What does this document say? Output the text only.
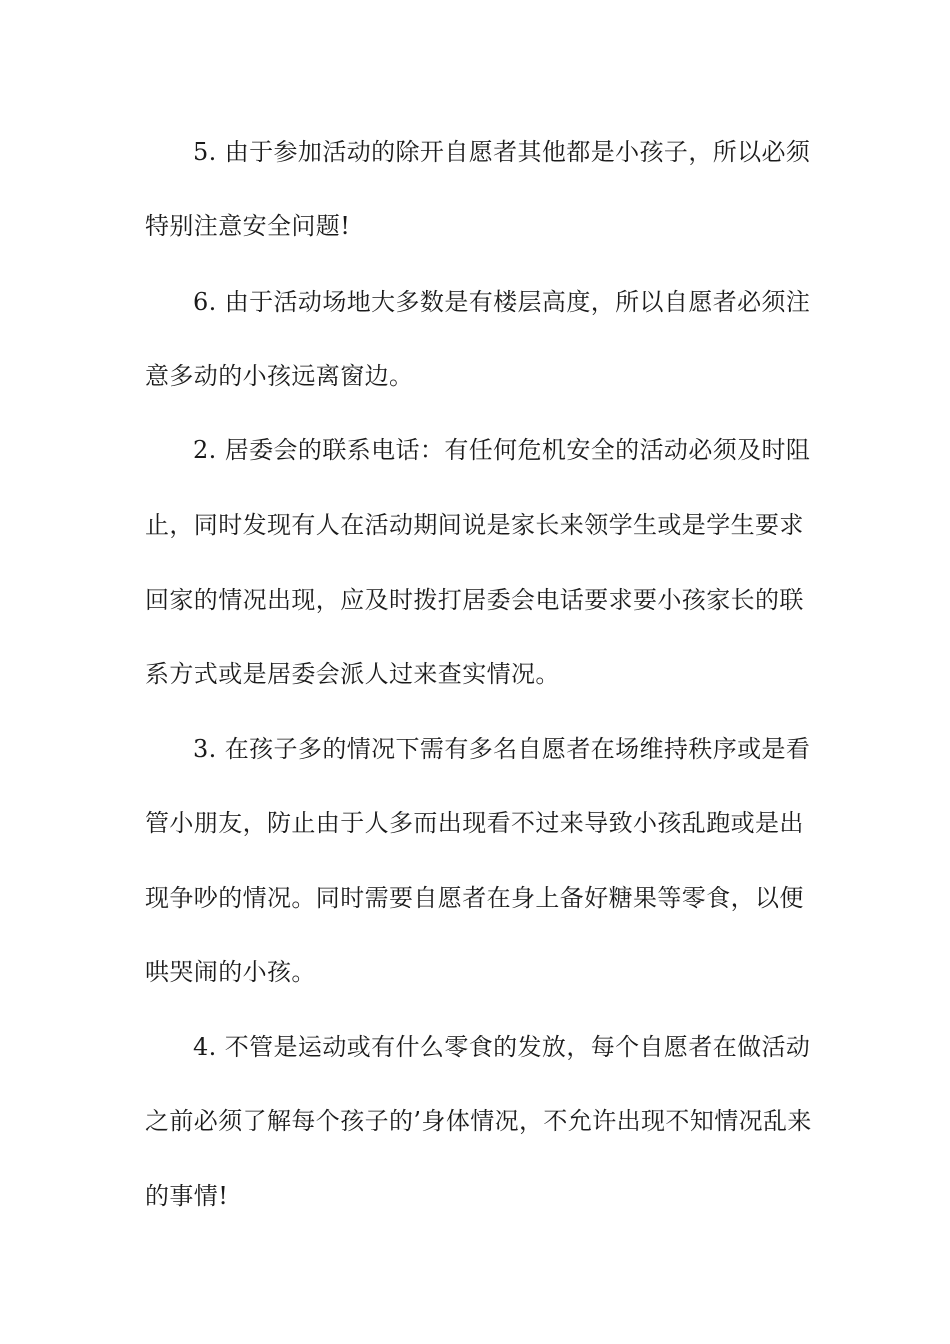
5. 由于参加活动的除开自愿者其他都是小孩子，所以必须
特别注意安全问题!
6. 由于活动场地大多数是有楼层高度，所以自愿者必须注
意多动的小孩远离窗边。
2. 居委会的联系电话：有任何危机安全的活动必须及时阻
止，同时发现有人在活动期间说是家长来领学生或是学生要求
回家的情况出现，应及时拨打居委会电话要求要小孩家长的联
系方式或是居委会派人过来查实情况。
3. 在孩子多的情况下需有多名自愿者在场维持秩序或是看
管小朋友，防止由于人多而出现看不过来导致小孩乱跑或是出
现争吵的情况。同时需要自愿者在身上备好糖果等零食，以便
哄哭闹的小孩。
4. 不管是运动或有什么零食的发放，每个自愿者在做活动
之前必须了解每个孩子的’身体情况，不允许出现不知情况乱来
的事情!
